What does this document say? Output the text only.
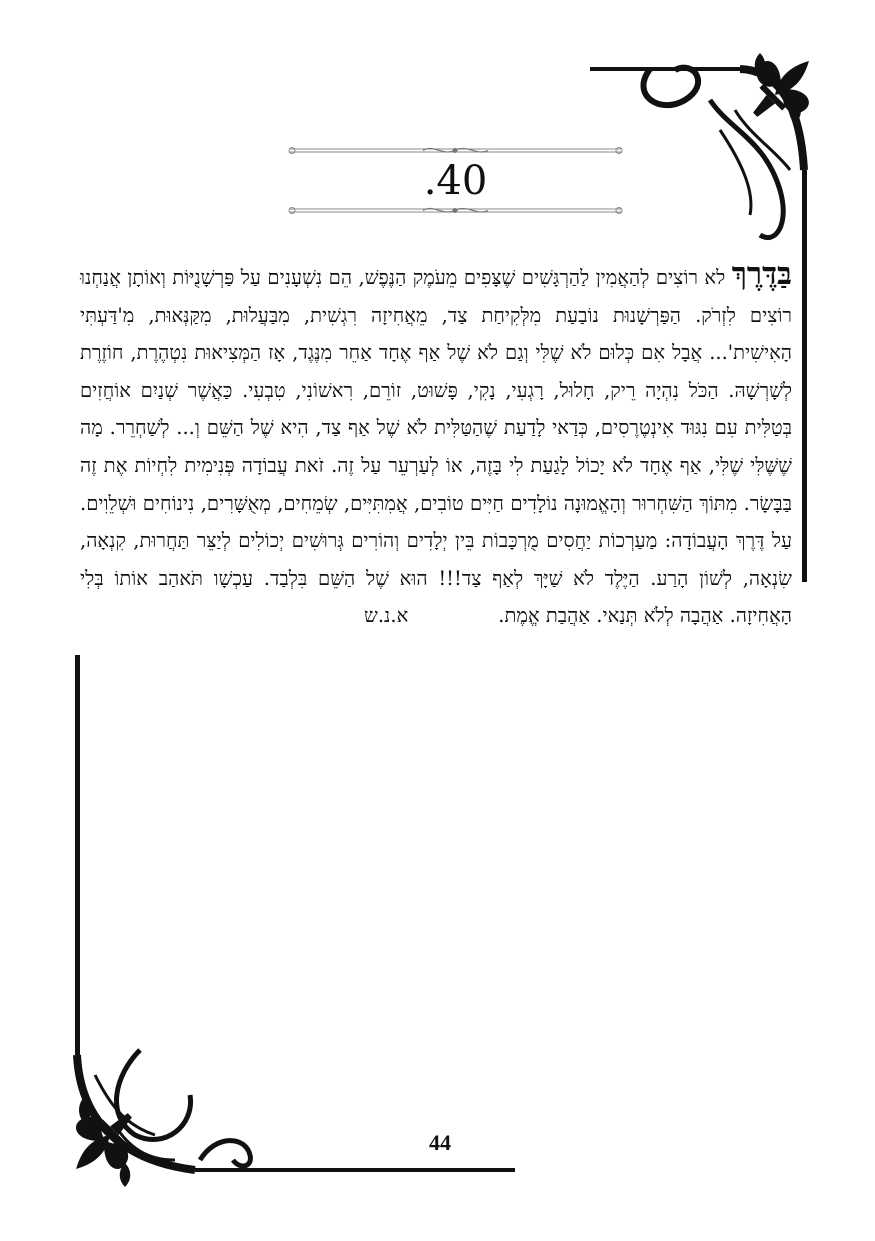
.40
בַּדֶּרֶךְ לא רוֹצִים לְהַאֲמִין לַהַרְגָּשִׁים שֶׁצָּפִים מֵעֹמֶק הַנֶּפֶשׁ, הֵם נִשְׁעָנִים עַל פַּרְשָׁנֻיּוֹת וְאוֹתָן אֲנַחְנוּ רוֹצִים לִזְרֹק. הַפַּרְשָׁנוּת נוֹבַעַת מִלְּקִיחַת צַד, מֵאֲחִיזָה רִגְשִׁית, מִבַּעֲלוּת, מִקַּנְּאוּת, מִ'דַּעְתִּי הָאִישִׁית'... אֲבָל אִם כְּלוּם לֹא שֶׁלִּי וְגַם לֹא שֶׁל אַף אֶחָד אַחֵר מִנֶּגֶד, אָז הַמְּצִיאוּת נִטְהֶרֶת, חוֹזֶרֶת לְשָׁרְשָׁהּ. הַכֹּל נִהְיָה רֵיק, חָלוּל, רָגְעִי, נָקִי, פָּשׁוּט, זוֹרֵם, רִאשׁוֹנִי, טִבְעִי. כַּאֲשֶׁר שְׁנַיִם אוֹחֲזִים בְּטַלִּית עִם נִגּוּד אִינְטֶרֶסִים, כְּדַאי לָדַעַת שֶׁהַטַּלִּית לֹא שֶׁל אַף צַד, הִיא שֶׁל הַשֵּׁם וְ... לְשַׁחְרֵר. מָה שֶׁשֶּׁלִּי שֶׁלִּי, אַף אֶחָד לֹא יָכוֹל לָגַעַת לִי בָּזֶה, אוֹ לְעַרְעֵר עַל זֶה. זֹאת עֲבוֹדָה פְּנִימִית לִחְיוֹת אֶת זֶה בַּבָּשָׂר. מִתּוֹךְ הַשִּׁחְרוּר וְהָאֱמוּנָה נוֹלָדִים חַיִּים טוֹבִים, אֲמִתִּיִּים, שְׂמֵחִים, מְאֻשָּׁרִים, נִינוֹחִים וּשְׁלֵוִים. עַל דֶּרֶךְ הָעֲבוֹדָה: מַעַרְכוֹת יַחֲסִים מֻרְכָּבוֹת בֵּין יְלָדִים וְהוֹרִים גְּרוּשִׁים יְכוֹלִים לְיַצֵּר תַּחֲרוּת, קִנְאָה, שִׂנְאָה, לְשׁוֹן הָרַע. הַיֶּלֶד לֹא שַׁיָּךְ לְאַף צַד!!! הוּא שֶׁל הַשֵּׁם בִּלְבַד. עַכְשָׁו תֹּאהַב אוֹתוֹ בְּלִי הָאֲחִיזָה. אַהֲבָה לְלֹא תְּנַאי. אַהֲבַת אֱמֶת.א.נ.ש
44
